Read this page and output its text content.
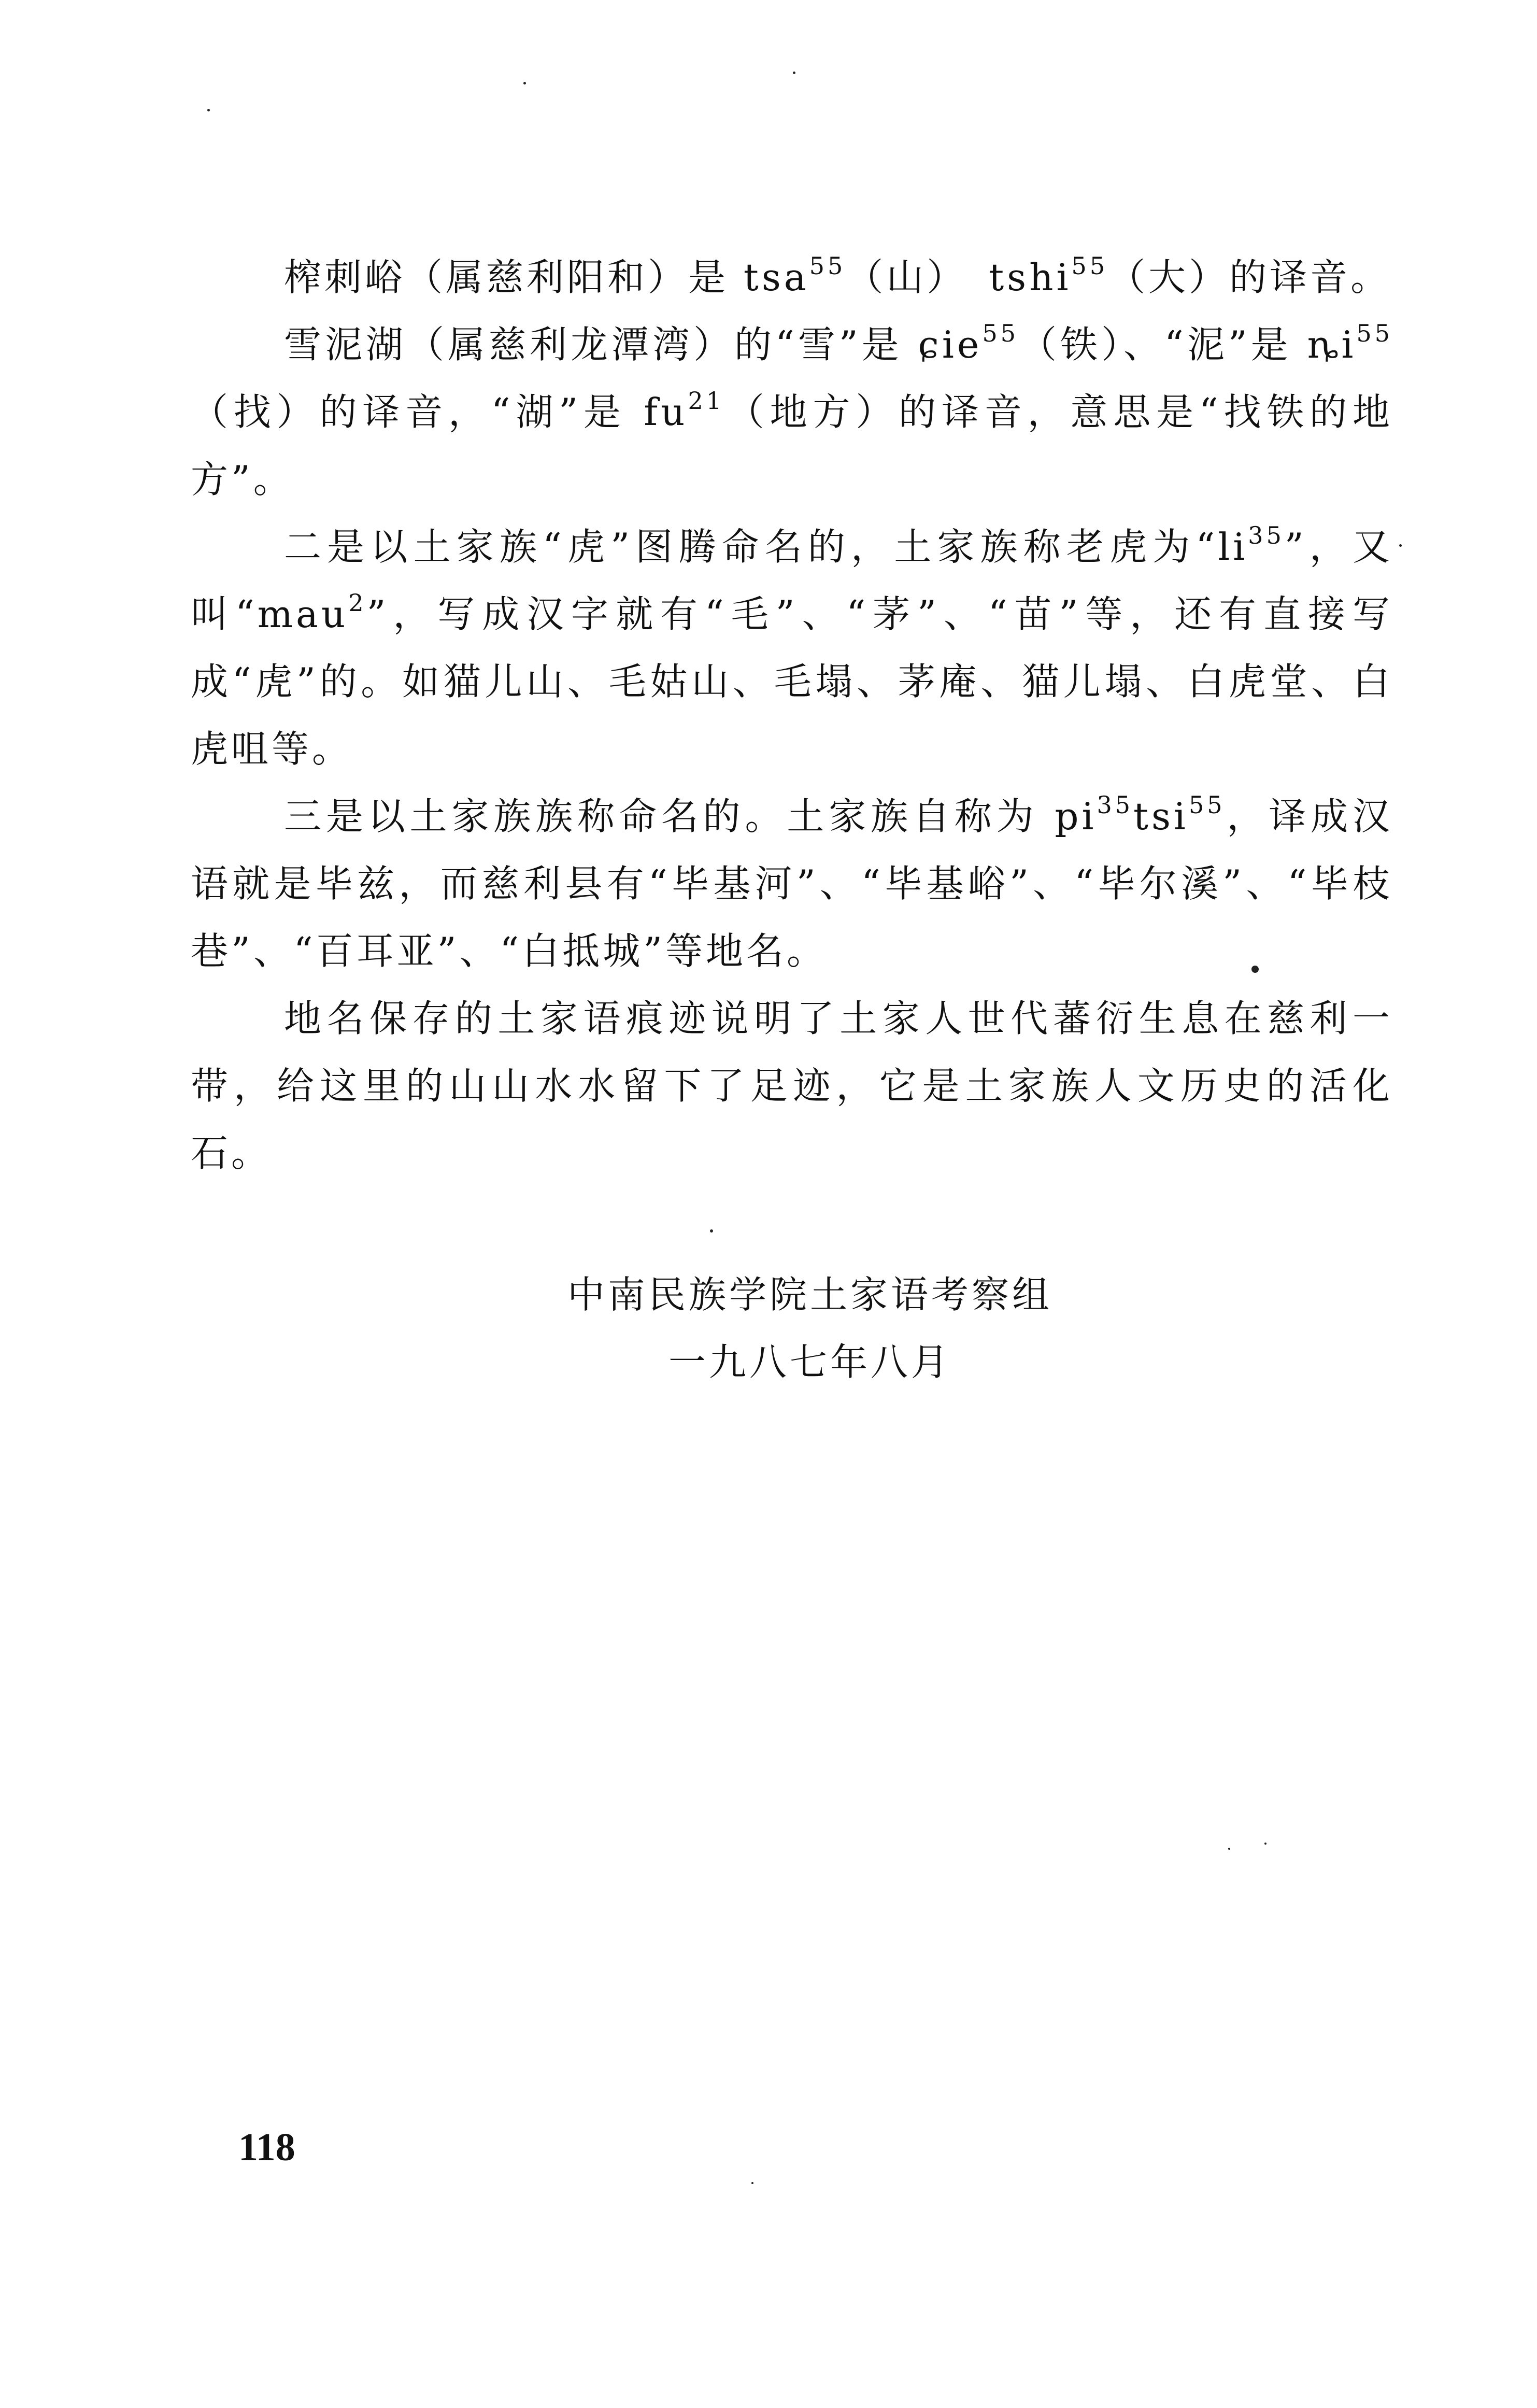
榨刺峪（属慈利阳和）是 tsa$^{55}$（山）　tshi$^{55}$（大）的译音。

雪泥湖（属慈利龙潭湾）的“雪”是 ɕie$^{55}$（铁）、“泥”是 $ȵi^{55}$（找）的译音，“湖”是 $fu^{21}$（地方）的译音，意思是“找铁的地方”。

二是以土家族“虎”图腾命名的，土家族称老虎为“$li^{35}$”，又叫“mau$^2$”，写成汉字就有“毛”、“茅”、“苗”等，还有直接写成“虎”的。如猫儿山、毛姑山、毛塌、茅庵、猫儿塌、白虎堂、白虎咀等。

三是以土家族族称命名的。土家族自称为 $pi^{35}tsi^{55}$，译成汉语就是毕兹，而慈利县有“毕基河”、“毕基峪”、“毕尔溪”、“毕枝巷”、“百耳亚”、“白抵城”等地名。

地名保存的土家语痕迹说明了土家人世代蕃衍生息在慈利一带，给这里的山山水水留下了足迹，它是土家族人文历史的活化石。

中南民族学院土家语考察组
一九八七年八月
118
